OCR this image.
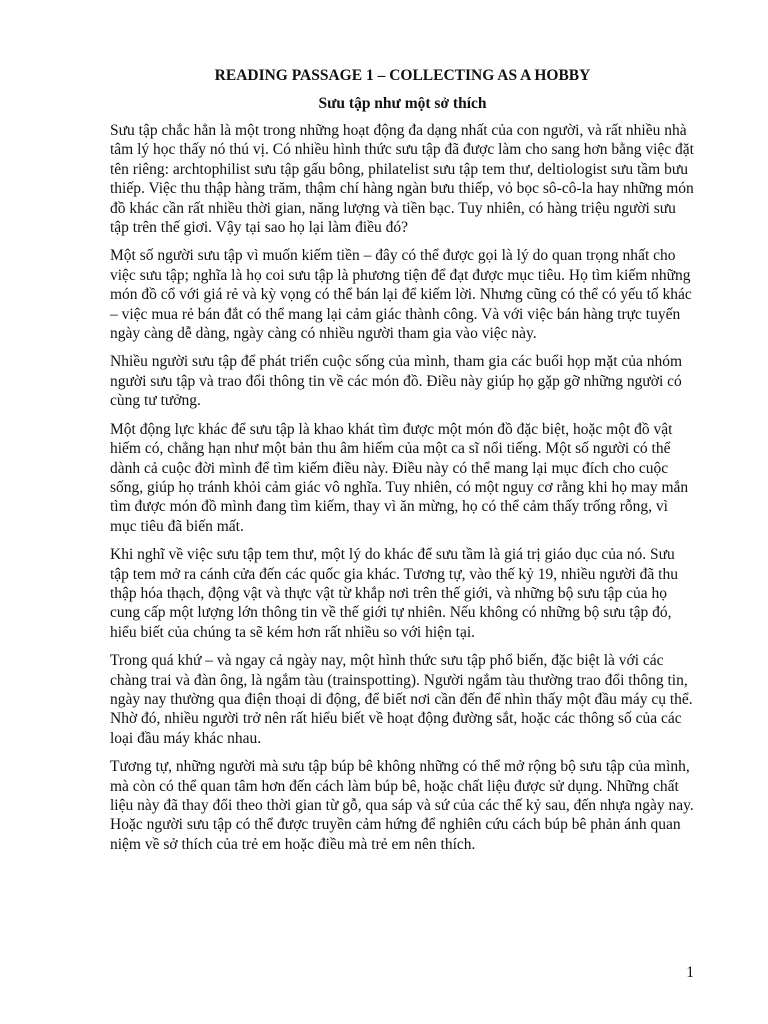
READING PASSAGE 1 – COLLECTING AS A HOBBY
Sưu tập như một sở thích

Sưu tập chắc hẳn là một trong những hoạt động đa dạng nhất của con người, và rất nhiều nhà tâm lý học thấy nó thú vị. Có nhiều hình thức sưu tập đã được làm cho sang hơn bằng việc đặt tên riêng: archtophilist sưu tập gấu bông, philatelist sưu tập tem thư, deltiologist sưu tầm bưu thiếp. Việc thu thập hàng trăm, thậm chí hàng ngàn bưu thiếp, vỏ bọc sô-cô-la hay những món đồ khác cần rất nhiều thời gian, năng lượng và tiền bạc. Tuy nhiên, có hàng triệu người sưu tập trên thế giơi. Vậy tại sao họ lại làm điều đó?

Một số người sưu tập vì muốn kiếm tiền – đây có thể được gọi là lý do quan trọng nhất cho việc sưu tập; nghĩa là họ coi sưu tập là phương tiện để đạt được mục tiêu. Họ tìm kiếm những món đồ cổ với giá rẻ và kỳ vọng có thể bán lại để kiếm lời. Nhưng cũng có thể có yếu tố khác – việc mua rẻ bán đắt có thể mang lại cảm giác thành công. Và với việc bán hàng trực tuyến ngày càng dễ dàng, ngày càng có nhiều người tham gia vào việc này.

Nhiều người sưu tập để phát triển cuộc sống của mình, tham gia các buổi họp mặt của nhóm người sưu tập và trao đổi thông tin về các món đồ. Điều này giúp họ gặp gỡ những người có cùng tư tưởng.

Một động lực khác để sưu tập là khao khát tìm được một món đồ đặc biệt, hoặc một đồ vật hiếm có, chẳng hạn như một bản thu âm hiếm của một ca sĩ nổi tiếng. Một số người có thể dành cả cuộc đời mình để tìm kiếm điều này. Điều này có thể mang lại mục đích cho cuộc sống, giúp họ tránh khỏi cảm giác vô nghĩa. Tuy nhiên, có một nguy cơ rằng khi họ may mắn tìm được món đồ mình đang tìm kiếm, thay vì ăn mừng, họ có thể cảm thấy trống rỗng, vì mục tiêu đã biến mất.

Khi nghĩ về việc sưu tập tem thư, một lý do khác để sưu tầm là giá trị giáo dục của nó. Sưu tập tem mở ra cánh cửa đến các quốc gia khác. Tương tự, vào thế kỷ 19, nhiều người đã thu thập hóa thạch, động vật và thực vật từ khắp nơi trên thế giới, và những bộ sưu tập của họ cung cấp một lượng lớn thông tin về thế giới tự nhiên. Nếu không có những bộ sưu tập đó, hiểu biết của chúng ta sẽ kém hơn rất nhiều so với hiện tại.

Trong quá khứ – và ngay cả ngày nay, một hình thức sưu tập phổ biến, đặc biệt là với các chàng trai và đàn ông, là ngắm tàu (trainspotting). Người ngắm tàu thường trao đổi thông tin, ngày nay thường qua điện thoại di động, để biết nơi cần đến để nhìn thấy một đầu máy cụ thể. Nhờ đó, nhiều người trở nên rất hiểu biết về hoạt động đường sắt, hoặc các thông số của các loại đầu máy khác nhau.

Tương tự, những người mà sưu tập búp bê không những có thể mở rộng bộ sưu tập của mình, mà còn có thể quan tâm hơn đến cách làm búp bê, hoặc chất liệu được sử dụng. Những chất liệu này đã thay đổi theo thời gian từ gỗ, qua sáp và sứ của các thế kỷ sau, đến nhựa ngày nay. Hoặc người sưu tập có thể được truyền cảm hứng để nghiên cứu cách búp bê phản ánh quan niệm về sở thích của trẻ em hoặc điều mà trẻ em nên thích.

1
